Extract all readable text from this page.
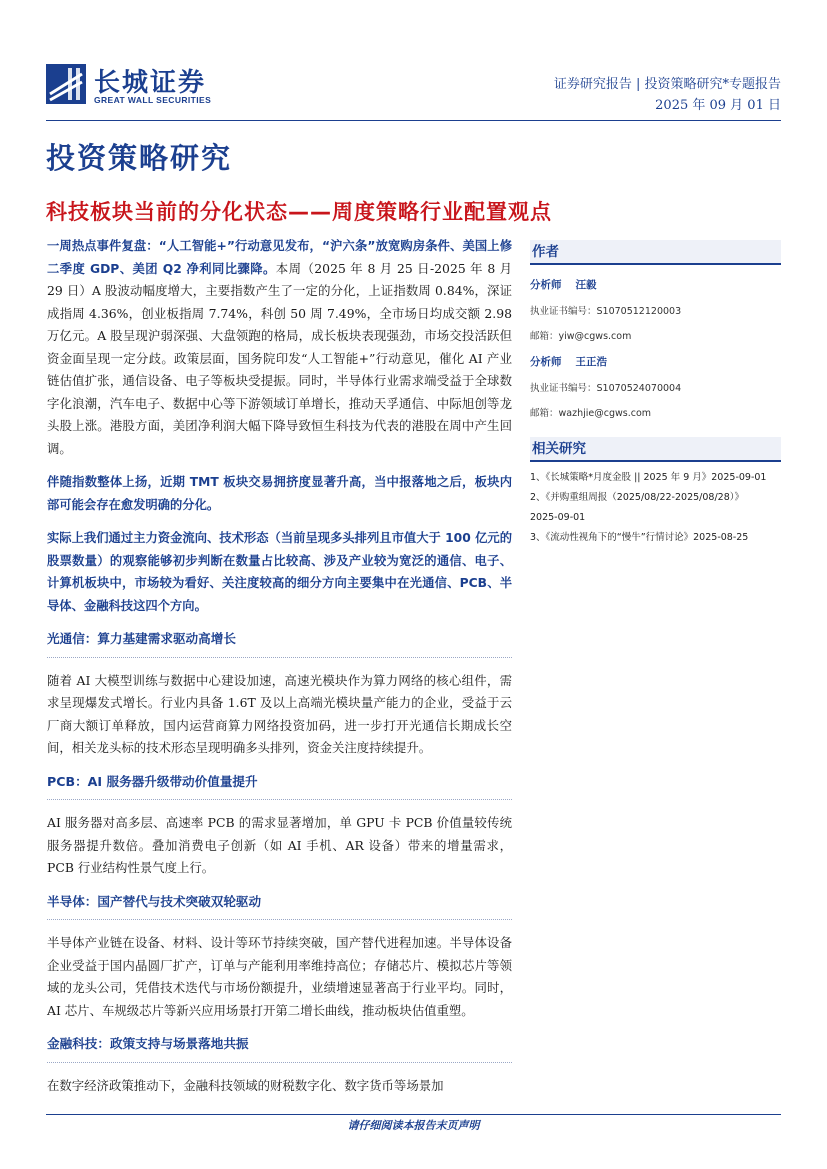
长城证券
GREAT WALL SECURITIES
证券研究报告 | 投资策略研究*专题报告
2025 年 09 月 01 日
投资策略研究
科技板块当前的分化状态——周度策略行业配置观点

一周热点事件复盘：“人工智能+”行动意见发布，“沪六条”放宽购房条件、美国上修二季度 GDP、美团 Q2 净利同比骤降。本周（2025 年 8 月 25 日-2025 年 8 月 29 日）A 股波动幅度增大，主要指数产生了一定的分化，上证指数周 0.84%，深证成指周 4.36%，创业板指周 7.74%，科创 50 周 7.49%，全市场日均成交额 2.98 万亿元。A 股呈现沪弱深强、大盘领跑的格局，成长板块表现强劲，市场交投活跃但资金面呈现一定分歧。政策层面，国务院印发“人工智能+”行动意见，催化 AI 产业链估值扩张，通信设备、电子等板块受提振。同时，半导体行业需求端受益于全球数字化浪潮，汽车电子、数据中心等下游领域订单增长，推动天孚通信、中际旭创等龙头股上涨。港股方面，美团净利润大幅下降导致恒生科技为代表的港股在周中产生回调。

伴随指数整体上扬，近期 TMT 板块交易拥挤度显著升高，当中报落地之后，板块内部可能会存在愈发明确的分化。

实际上我们通过主力资金流向、技术形态（当前呈现多头排列且市值大于 100 亿元的股票数量）的观察能够初步判断在数量占比较高、涉及产业较为宽泛的通信、电子、计算机板块中，市场较为看好、关注度较高的细分方向主要集中在光通信、PCB、半导体、金融科技这四个方向。

光通信：算力基建需求驱动高增长

随着 AI 大模型训练与数据中心建设加速，高速光模块作为算力网络的核心组件，需求呈现爆发式增长。行业内具备 1.6T 及以上高端光模块量产能力的企业，受益于云厂商大额订单释放，国内运营商算力网络投资加码，进一步打开光通信长期成长空间，相关龙头标的技术形态呈现明确多头排列，资金关注度持续提升。

PCB：AI 服务器升级带动价值量提升

AI 服务器对高多层、高速率 PCB 的需求显著增加，单 GPU 卡 PCB 价值量较传统服务器提升数倍。叠加消费电子创新（如 AI 手机、AR 设备）带来的增量需求，PCB 行业结构性景气度上行。

半导体：国产替代与技术突破双轮驱动

半导体产业链在设备、材料、设计等环节持续突破，国产替代进程加速。半导体设备企业受益于国内晶圆厂扩产，订单与产能利用率维持高位；存储芯片、模拟芯片等领域的龙头公司，凭借技术迭代与市场份额提升，业绩增速显著高于行业平均。同时，AI 芯片、车规级芯片等新兴应用场景打开第二增长曲线，推动板块估值重塑。

金融科技：政策支持与场景落地共振

在数字经济政策推动下，金融科技领域的财税数字化、数字货币等场景加

作者
分析师 汪毅
执业证书编号：S1070512120003
邮箱：yiw@cgws.com
分析师 王正浩
执业证书编号：S1070524070004
邮箱：wazhjie@cgws.com
相关研究
1、《长城策略*月度金股 || 2025 年 9 月》2025-09-01
2、《并购重组周报（2025/08/22-2025/08/28）》
2025-09-01
3、《流动性视角下的“慢牛”行情讨论》2025-08-25
请仔细阅读本报告末页声明
